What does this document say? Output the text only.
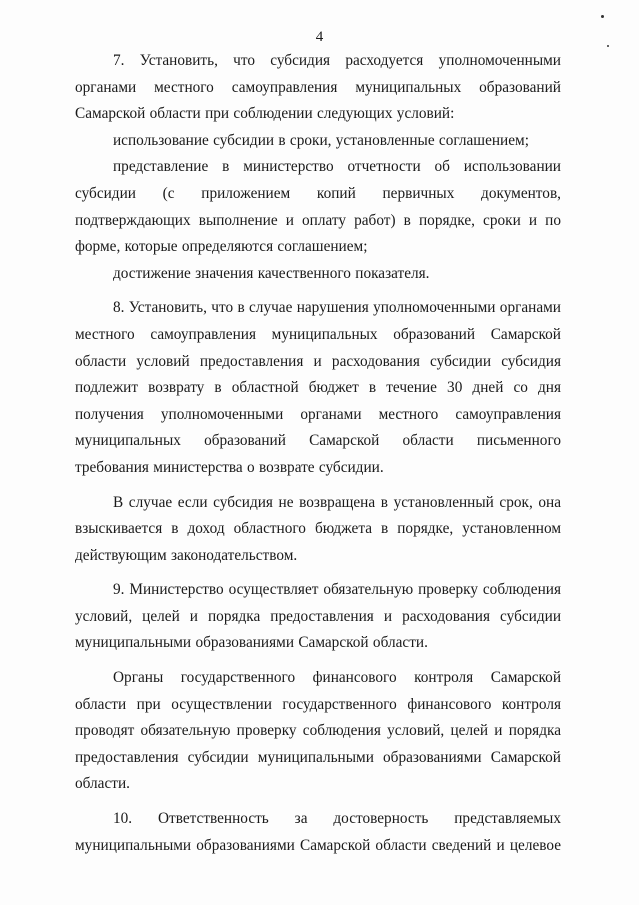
4

7. Установить, что субсидия расходуется уполномоченными органами местного самоуправления муниципальных образований Самарской области при соблюдении следующих условий:

использование субсидии в сроки, установленные соглашением;

представление в министерство отчетности об использовании субсидии (с приложением копий первичных документов, подтверждающих выполнение и оплату работ) в порядке, сроки и по форме, которые определяются соглашением;

достижение значения качественного показателя.

8. Установить, что в случае нарушения уполномоченными органами местного самоуправления муниципальных образований Самарской области условий предоставления и расходования субсидии субсидия подлежит возврату в областной бюджет в течение 30 дней со дня получения уполномоченными органами местного самоуправления муниципальных образований Самарской области письменного требования министерства о возврате субсидии.

В случае если субсидия не возвращена в установленный срок, она взыскивается в доход областного бюджета в порядке, установленном действующим законодательством.

9. Министерство осуществляет обязательную проверку соблюдения условий, целей и порядка предоставления и расходования субсидии муниципальными образованиями Самарской области.

Органы государственного финансового контроля Самарской области при осуществлении государственного финансового контроля проводят обязательную проверку соблюдения условий, целей и порядка предоставления субсидии муниципальными образованиями Самарской области.

10. Ответственность за достоверность представляемых муниципальными образованиями Самарской области сведений и целевое
